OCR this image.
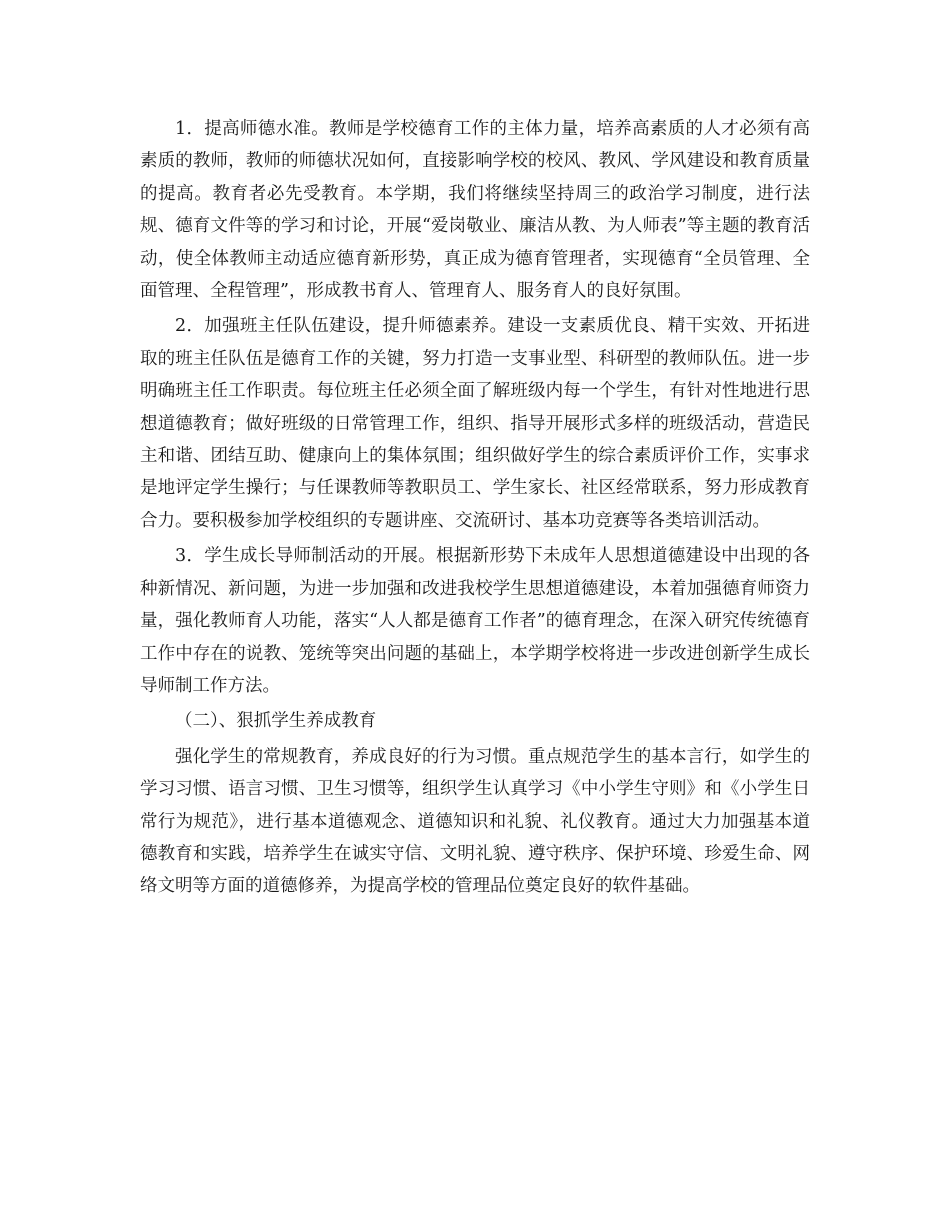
1．提高师德水准。教师是学校德育工作的主体力量，培养高素质的人才必须有高素质的教师，教师的师德状况如何，直接影响学校的校风、教风、学风建设和教育质量的提高。教育者必先受教育。本学期，我们将继续坚持周三的政治学习制度，进行法规、德育文件等的学习和讨论，开展“爱岗敬业、廉洁从教、为人师表”等主题的教育活动，使全体教师主动适应德育新形势，真正成为德育管理者，实现德育“全员管理、全面管理、全程管理”，形成教书育人、管理育人、服务育人的良好氛围。

2．加强班主任队伍建设，提升师德素养。建设一支素质优良、精干实效、开拓进取的班主任队伍是德育工作的关键，努力打造一支事业型、科研型的教师队伍。进一步明确班主任工作职责。每位班主任必须全面了解班级内每一个学生，有针对性地进行思想道德教育；做好班级的日常管理工作，组织、指导开展形式多样的班级活动，营造民主和谐、团结互助、健康向上的集体氛围；组织做好学生的综合素质评价工作，实事求是地评定学生操行；与任课教师等教职员工、学生家长、社区经常联系，努力形成教育合力。要积极参加学校组织的专题讲座、交流研讨、基本功竞赛等各类培训活动。

3．学生成长导师制活动的开展。根据新形势下未成年人思想道德建设中出现的各种新情况、新问题，为进一步加强和改进我校学生思想道德建设，本着加强德育师资力量，强化教师育人功能，落实“人人都是德育工作者”的德育理念，在深入研究传统德育工作中存在的说教、笼统等突出问题的基础上，本学期学校将进一步改进创新学生成长导师制工作方法。

（二）、狠抓学生养成教育

强化学生的常规教育，养成良好的行为习惯。重点规范学生的基本言行，如学生的学习习惯、语言习惯、卫生习惯等，组织学生认真学习《中小学生守则》和《小学生日常行为规范》，进行基本道德观念、道德知识和礼貌、礼仪教育。通过大力加强基本道德教育和实践，培养学生在诚实守信、文明礼貌、遵守秩序、保护环境、珍爱生命、网络文明等方面的道德修养，为提高学校的管理品位奠定良好的软件基础。
